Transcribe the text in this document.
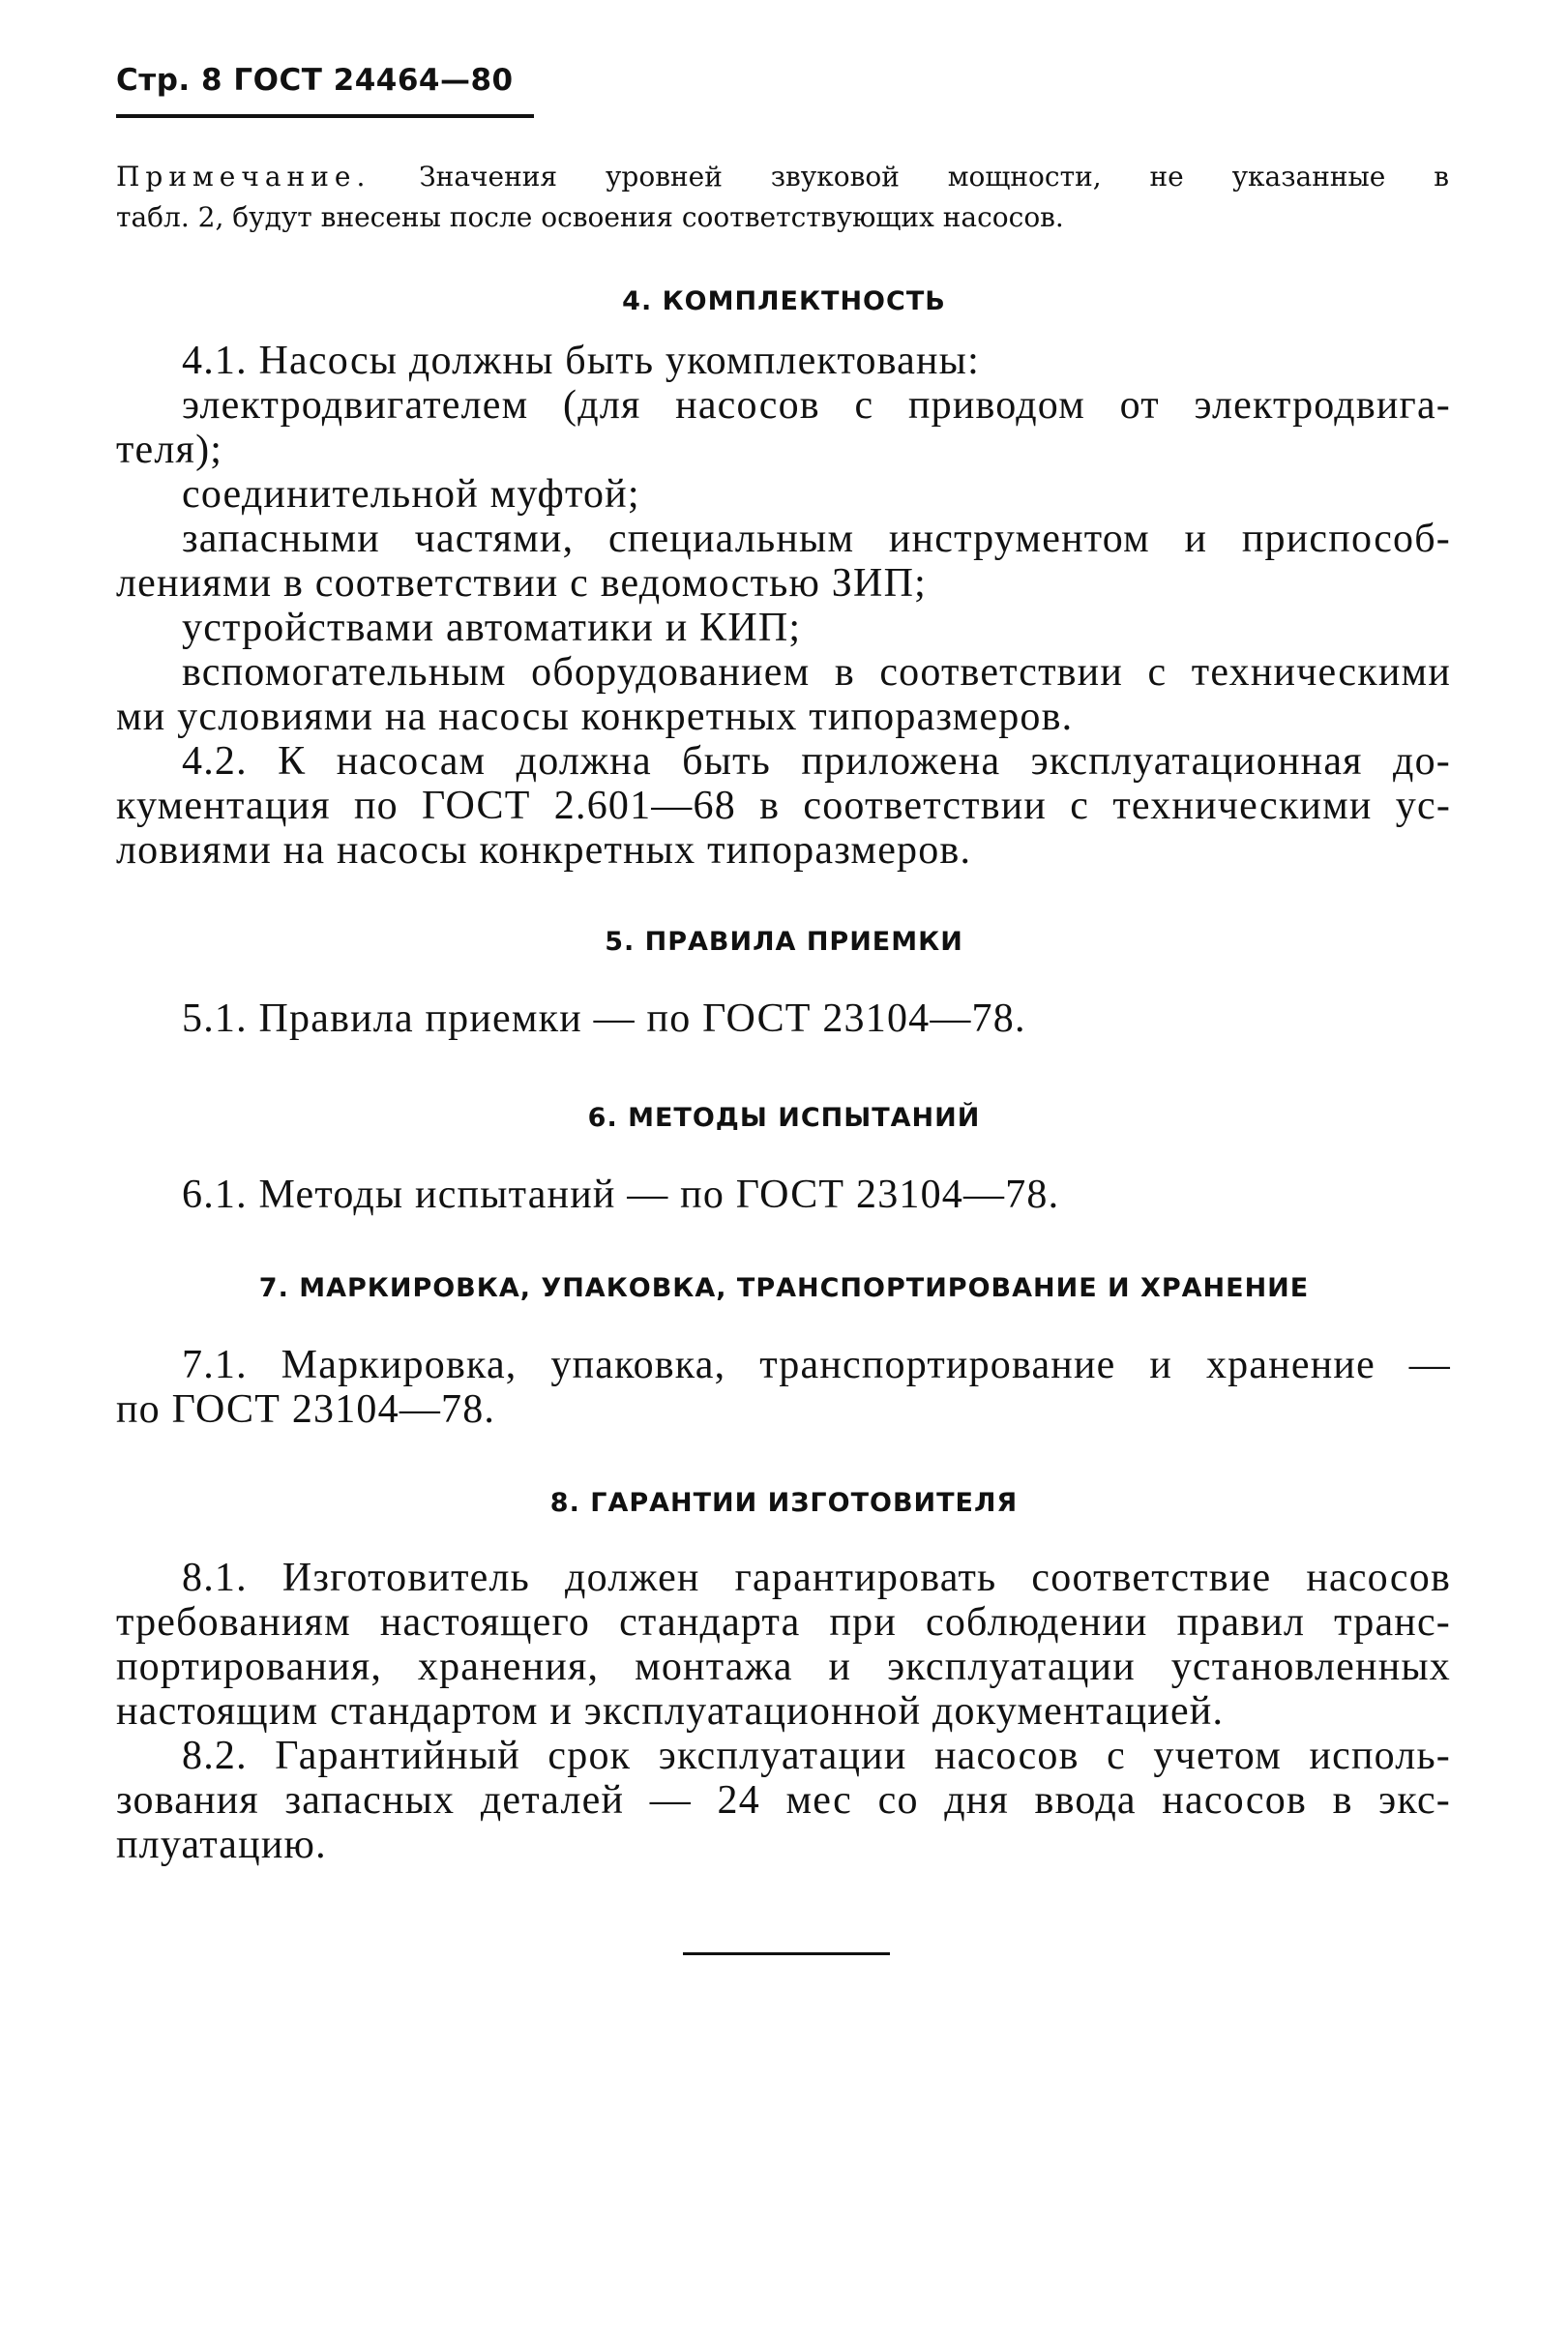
Стр. 8 ГОСТ 24464—80
Примечание. Значения уровней звуковой мощности, не указанные в
табл. 2, будут внесены после освоения соответствующих насосов.
4. КОМПЛЕКТНОСТЬ
4.1. Насосы должны быть укомплектованы:
электродвигателем (для насосов с приводом от электродвига-
теля);
соединительной муфтой;
запасными частями, специальным инструментом и приспособ-
лениями в соответствии с ведомостью ЗИП;
устройствами автоматики и КИП;
вспомогательным оборудованием в соответствии с техническими
ми условиями на насосы конкретных типоразмеров.
4.2. К насосам должна быть приложена эксплуатационная до-
кументация по ГОСТ 2.601—68 в соответствии с техническими ус-
ловиями на насосы конкретных типоразмеров.
5. ПРАВИЛА ПРИЕМКИ
5.1. Правила приемки — по ГОСТ 23104—78.
6. МЕТОДЫ ИСПЫТАНИЙ
6.1. Методы испытаний — по ГОСТ 23104—78.
7. МАРКИРОВКА, УПАКОВКА, ТРАНСПОРТИРОВАНИЕ И ХРАНЕНИЕ
7.1. Маркировка, упаковка, транспортирование и хранение —
по ГОСТ 23104—78.
8. ГАРАНТИИ ИЗГОТОВИТЕЛЯ
8.1. Изготовитель должен гарантировать соответствие насосов
требованиям настоящего стандарта при соблюдении правил транс-
портирования, хранения, монтажа и эксплуатации установленных
настоящим стандартом и эксплуатационной документацией.
8.2. Гарантийный срок эксплуатации насосов с учетом исполь-
зования запасных деталей — 24 мес со дня ввода насосов в экс-
плуатацию.
